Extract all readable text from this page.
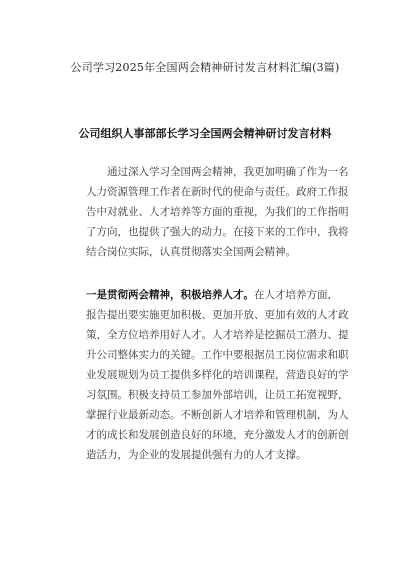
公司学习2025年全国两会精神研讨发言材料汇编(3篇)
公司组织人事部部长学习全国两会精神研讨发言材料
通过深入学习全国两会精神，我更加明确了作为一名
人力资源管理工作者在新时代的使命与责任。政府工作报
告中对就业、人才培养等方面的重视，为我们的工作指明
了方向，也提供了强大的动力。在接下来的工作中，我将
结合岗位实际，认真贯彻落实全国两会精神。
一是贯彻两会精神，积极培养人才。在人才培养方面，
报告提出要实施更加积极、更加开放、更加有效的人才政
策，全方位培养用好人才。人才培养是挖掘员工潜力、提
升公司整体实力的关键。工作中要根据员工岗位需求和职
业发展规划为员工提供多样化的培训课程，营造良好的学
习氛围。积极支持员工参加外部培训，让员工拓宽视野，
掌握行业最新动态。不断创新人才培养和管理机制，为人
才的成长和发展创造良好的环境，充分激发人才的创新创
造活力，为企业的发展提供强有力的人才支撑。
